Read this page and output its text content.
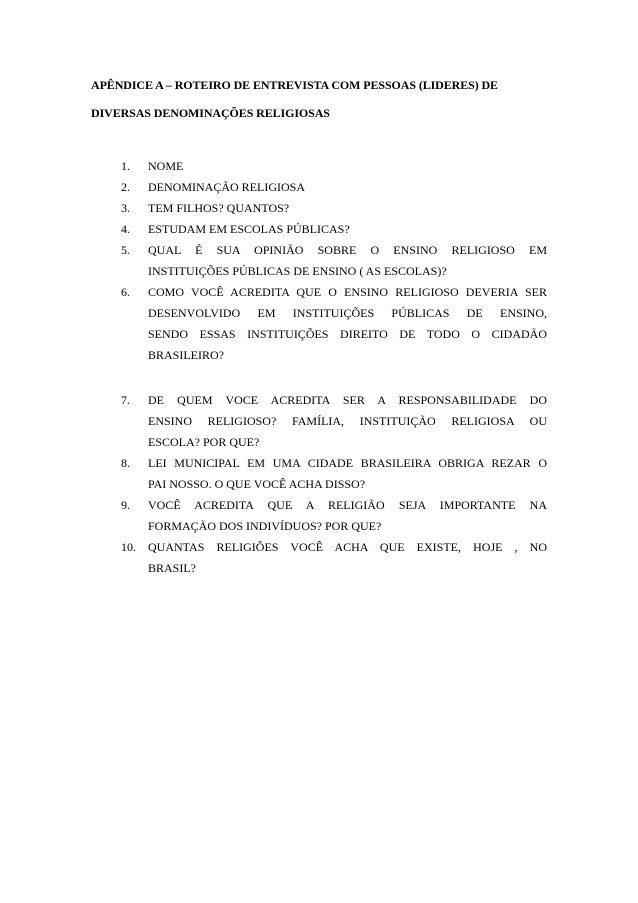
APÊNDICE A – ROTEIRO DE ENTREVISTA COM PESSOAS (LIDERES) DE
DIVERSAS DENOMINAÇÕES RELIGIOSAS
1.	NOME
2.	DENOMINAÇÃO RELIGIOSA
3.	TEM FILHOS? QUANTOS?
4.	ESTUDAM EM ESCOLAS PÚBLICAS?
5.	QUAL É SUA OPINIÃO SOBRE O ENSINO RELIGIOSO EM
INSTITUIÇÕES PÚBLICAS DE ENSINO ( AS ESCOLAS)?
6.	COMO VOCÊ ACREDITA QUE O ENSINO RELIGIOSO DEVERIA SER
DESENVOLVIDO EM INSTITUIÇÕES PÚBLICAS DE ENSINO,
SENDO ESSAS INSTITUIÇÕES DIREITO DE TODO O CIDADÃO
BRASILEIRO?
7.	DE QUEM VOCE ACREDITA SER A RESPONSABILIDADE DO
ENSINO RELIGIOSO? FAMÍLIA, INSTITUIÇÃO RELIGIOSA OU
ESCOLA? POR QUE?
8.	LEI MUNICIPAL EM UMA CIDADE BRASILEIRA OBRIGA REZAR O
PAI NOSSO. O QUE VOCÊ ACHA DISSO?
9.	VOCÊ ACREDITA QUE A RELIGIÃO SEJA IMPORTANTE NA
FORMAÇÃO DOS INDIVÍDUOS? POR QUE?
10.	QUANTAS RELIGIÕES VOCÊ ACHA QUE EXISTE, HOJE , NO
BRASIL?
